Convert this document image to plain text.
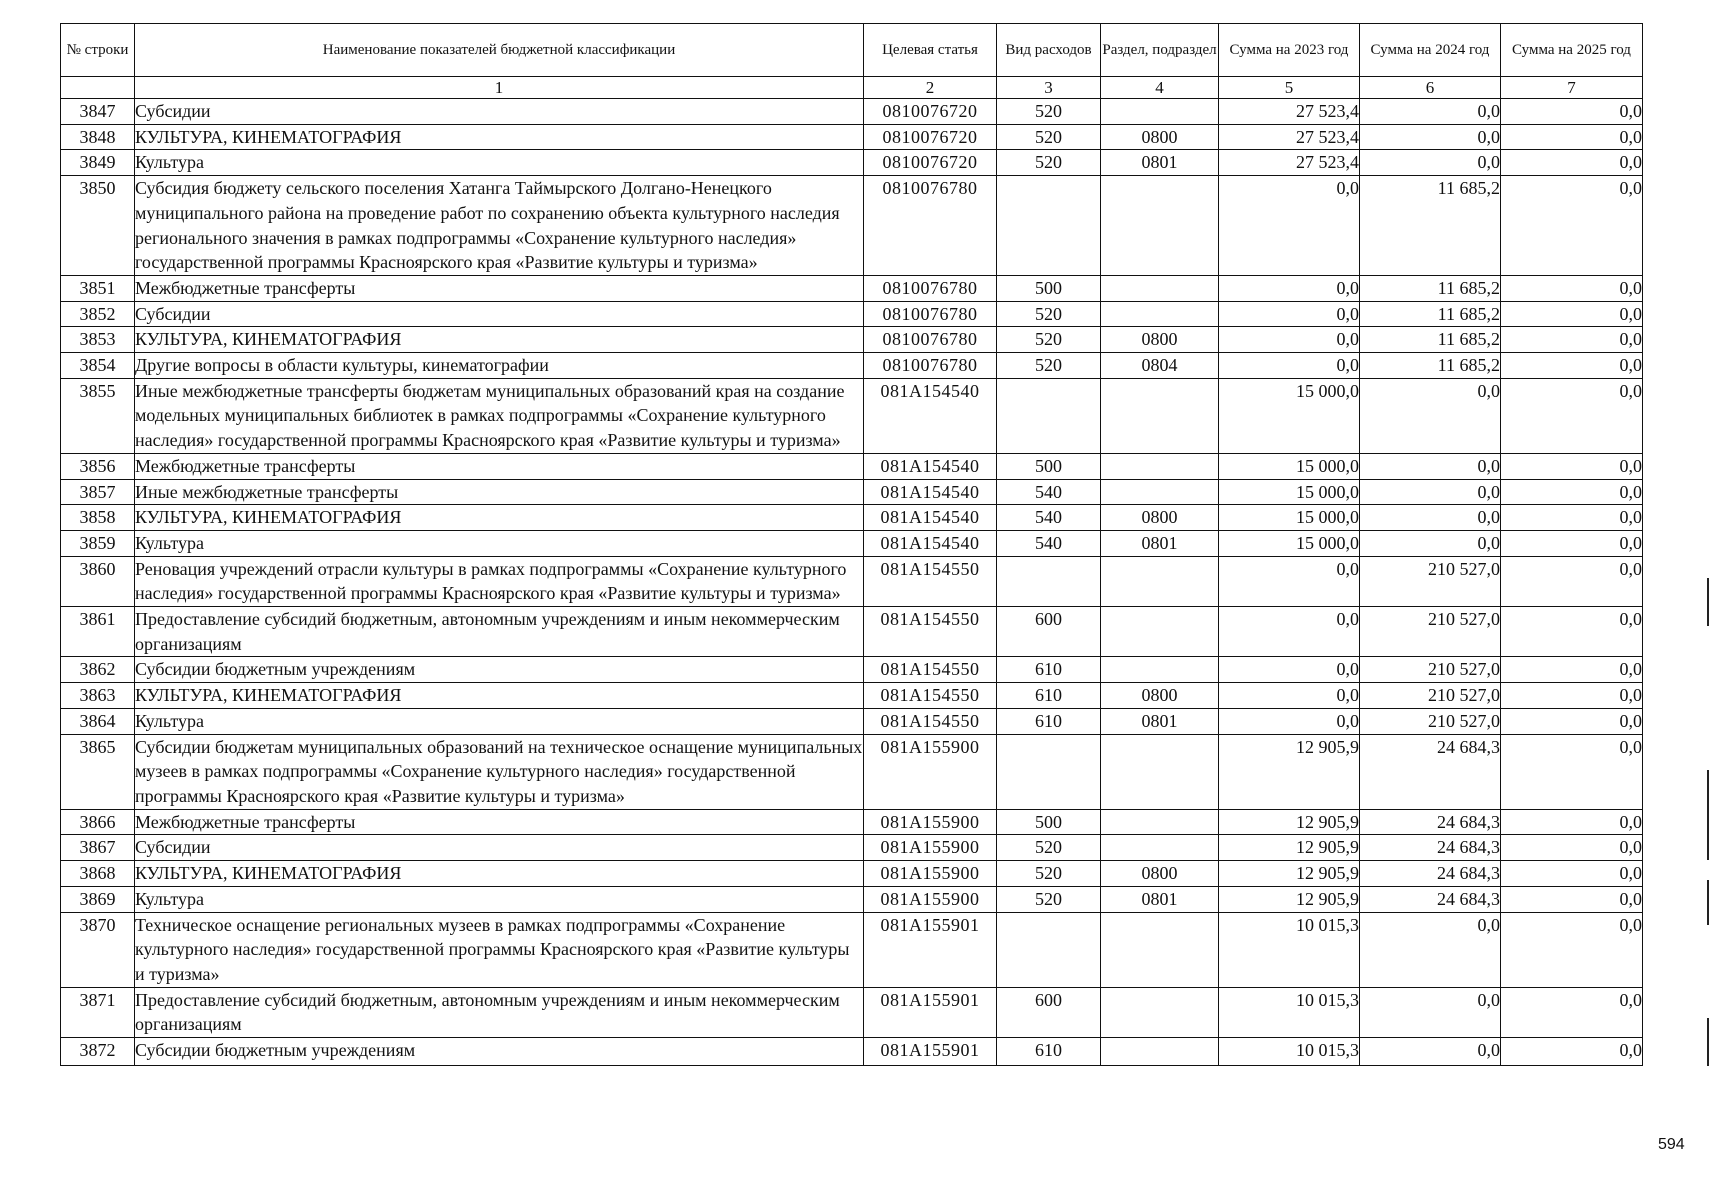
№ строки	Наименование показателей бюджетной классификации	Целевая статья	Вид расходов	Раздел, подраздел	Сумма на 2023 год	Сумма на 2024 год	Сумма на 2025 год
	1	2	3	4	5	6	7
3847	Субсидии	0810076720	520		27 523,4	0,0	0,0
3848	КУЛЬТУРА, КИНЕМАТОГРАФИЯ	0810076720	520	0800	27 523,4	0,0	0,0
3849	Культура	0810076720	520	0801	27 523,4	0,0	0,0
3850	Субсидия бюджету сельского поселения Хатанга Таймырского Долгано-Ненецкого муниципального района на проведение работ по сохранению объекта культурного наследия регионального значения в рамках подпрограммы «Сохранение культурного наследия» государственной программы Красноярского края «Развитие культуры и туризма»	0810076780			0,0	11 685,2	0,0
3851	Межбюджетные трансферты	0810076780	500		0,0	11 685,2	0,0
3852	Субсидии	0810076780	520		0,0	11 685,2	0,0
3853	КУЛЬТУРА, КИНЕМАТОГРАФИЯ	0810076780	520	0800	0,0	11 685,2	0,0
3854	Другие вопросы в области культуры, кинематографии	0810076780	520	0804	0,0	11 685,2	0,0
3855	Иные межбюджетные трансферты бюджетам муниципальных образований края на создание модельных муниципальных библиотек в рамках подпрограммы «Сохранение культурного наследия» государственной программы Красноярского края «Развитие культуры и туризма»	081A154540			15 000,0	0,0	0,0
3856	Межбюджетные трансферты	081A154540	500		15 000,0	0,0	0,0
3857	Иные межбюджетные трансферты	081A154540	540		15 000,0	0,0	0,0
3858	КУЛЬТУРА, КИНЕМАТОГРАФИЯ	081A154540	540	0800	15 000,0	0,0	0,0
3859	Культура	081A154540	540	0801	15 000,0	0,0	0,0
3860	Реновация учреждений отрасли культуры в рамках подпрограммы «Сохранение культурного наследия» государственной программы Красноярского края «Развитие культуры и туризма»	081A154550			0,0	210 527,0	0,0
3861	Предоставление субсидий бюджетным, автономным учреждениям и иным некоммерческим организациям	081A154550	600		0,0	210 527,0	0,0
3862	Субсидии бюджетным учреждениям	081A154550	610		0,0	210 527,0	0,0
3863	КУЛЬТУРА, КИНЕМАТОГРАФИЯ	081A154550	610	0800	0,0	210 527,0	0,0
3864	Культура	081A154550	610	0801	0,0	210 527,0	0,0
3865	Субсидии бюджетам муниципальных образований на техническое оснащение муниципальных музеев в рамках подпрограммы «Сохранение культурного наследия» государственной программы Красноярского края «Развитие культуры и туризма»	081A155900			12 905,9	24 684,3	0,0
3866	Межбюджетные трансферты	081A155900	500		12 905,9	24 684,3	0,0
3867	Субсидии	081A155900	520		12 905,9	24 684,3	0,0
3868	КУЛЬТУРА, КИНЕМАТОГРАФИЯ	081A155900	520	0800	12 905,9	24 684,3	0,0
3869	Культура	081A155900	520	0801	12 905,9	24 684,3	0,0
3870	Техническое оснащение региональных музеев в рамках подпрограммы «Сохранение культурного наследия» государственной программы Красноярского края «Развитие культуры и туризма»	081A155901			10 015,3	0,0	0,0
3871	Предоставление субсидий бюджетным, автономным учреждениям и иным некоммерческим организациям	081A155901	600		10 015,3	0,0	0,0
3872	Субсидии бюджетным учреждениям	081A155901	610		10 015,3	0,0	0,0
594
